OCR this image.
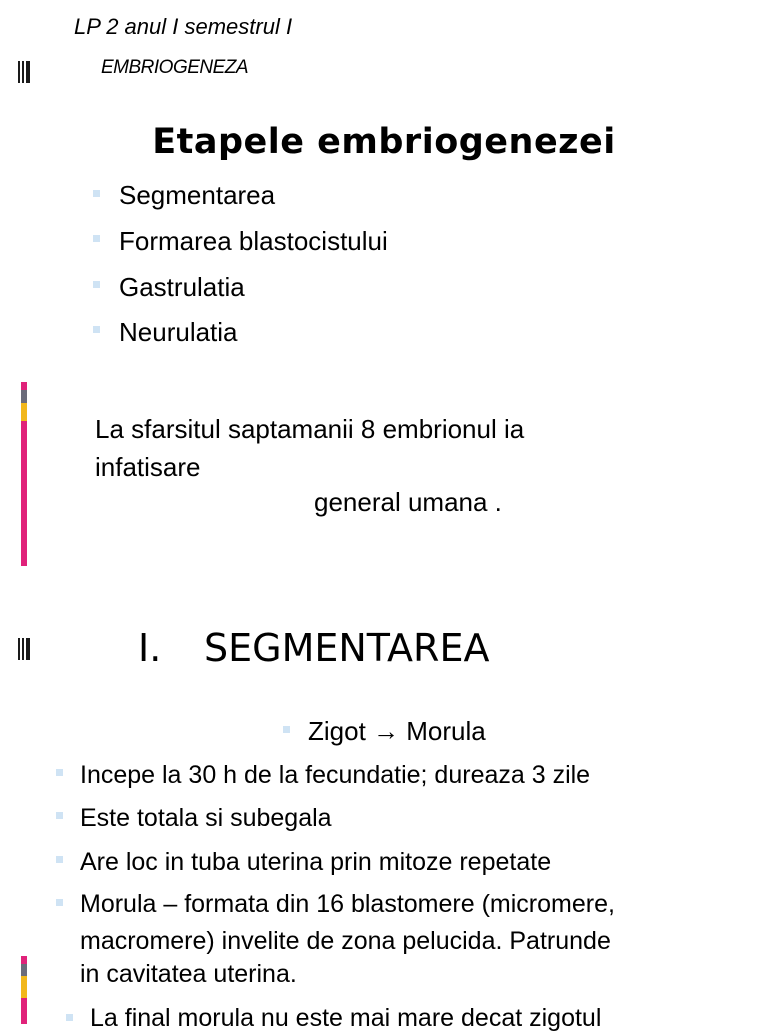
LP 2 anul I semestrul I
EMBRIOGENEZA
Etapele embriogenezei
Segmentarea
Formarea blastocistului
Gastrulatia
Neurulatia
La sfarsitul saptamanii 8 embrionul ia
infatisare
general umana .
I. SEGMENTAREA
Zigot → Morula
Incepe la 30 h de la fecundatie; dureaza 3 zile
Este totala si subegala
Are loc in tuba uterina prin mitoze repetate
Morula – formata din 16 blastomere (micromere,
macromere) invelite de zona pelucida. Patrunde
in cavitatea uterina.
La final morula nu este mai mare decat zigotul
